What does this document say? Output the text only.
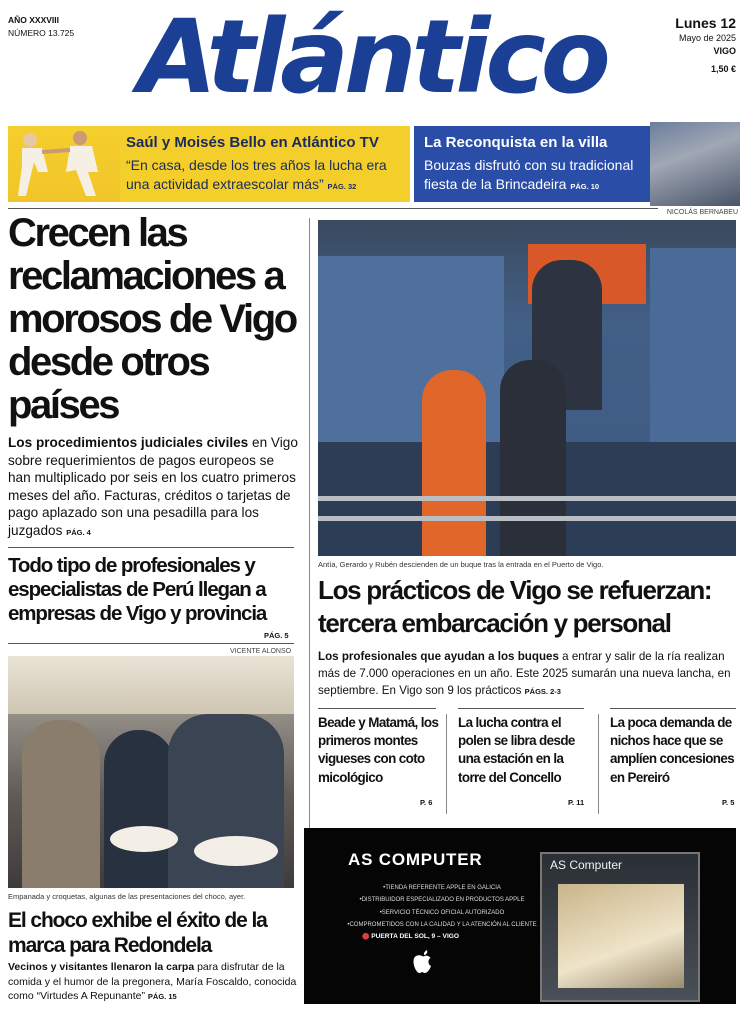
AÑO XXXVIII
NÚMERO 13.725 Atlántico	Lunes 12
Mayo de 2025
VIGO
1,50 €
Saúl y Moisés Bello en Atlántico TV
“En casa, desde los tres años la lucha era una actividad extraescolar más” PÁG. 32
La Reconquista en la villa
Bouzas disfrutó con su tradicional fiesta de la Brincadeira PÁG. 10
NICOLÁS BERNABEU
Crecen las reclamaciones a morosos de Vigo desde otros países
Los procedimientos judiciales civiles en Vigo sobre requerimientos de pagos europeos se han multiplicado por seis en los cuatro primeros meses del año. Facturas, créditos o tarjetas de pago aplazado son una pesadilla para los juzgados PÁG. 4
Todo tipo de profesionales y especialistas de Perú llegan a empresas de Vigo y provincia
PÁG. 5
VICENTE ALONSO
Empanada y croquetas, algunas de las presentaciones del choco, ayer.
El choco exhibe el éxito de la marca para Redondela
Vecinos y visitantes llenaron la carpa para disfrutar de la comida y el humor de la pregonera, María Foscaldo, conocida como “Virtudes A Repunante” PÁG. 15
Antía, Gerardo y Rubén descienden de un buque tras la entrada en el Puerto de Vigo.
Los prácticos de Vigo se refuerzan:
tercera embarcación y personal
Los profesionales que ayudan a los buques a entrar y salir de la ría realizan más de 7.000 operaciones en un año. Este 2025 sumarán una nueva lancha, en septiembre. En Vigo son 9 los prácticos PÁGS. 2-3
Beade y Matamá, los primeros montes vigueses con coto micológico
P. 6
La lucha contra el polen se libra desde una estación en la torre del Concello
P. 11
La poca demanda de nichos hace que se amplíen concesiones en Pereiró
P. 5
AS COMPUTER
•TIENDA REFERENTE APPLE EN GALICIA
•DISTRIBUIDOR ESPECIALIZADO EN PRODUCTOS APPLE
•SERVICIO TÉCNICO OFICIAL AUTORIZADO
•COMPROMETIDOS CON LA CALIDAD Y LA ATENCIÓN AL CLIENTE
⬤ PUERTA DEL SOL, 9 – VIGO
AS Computer
